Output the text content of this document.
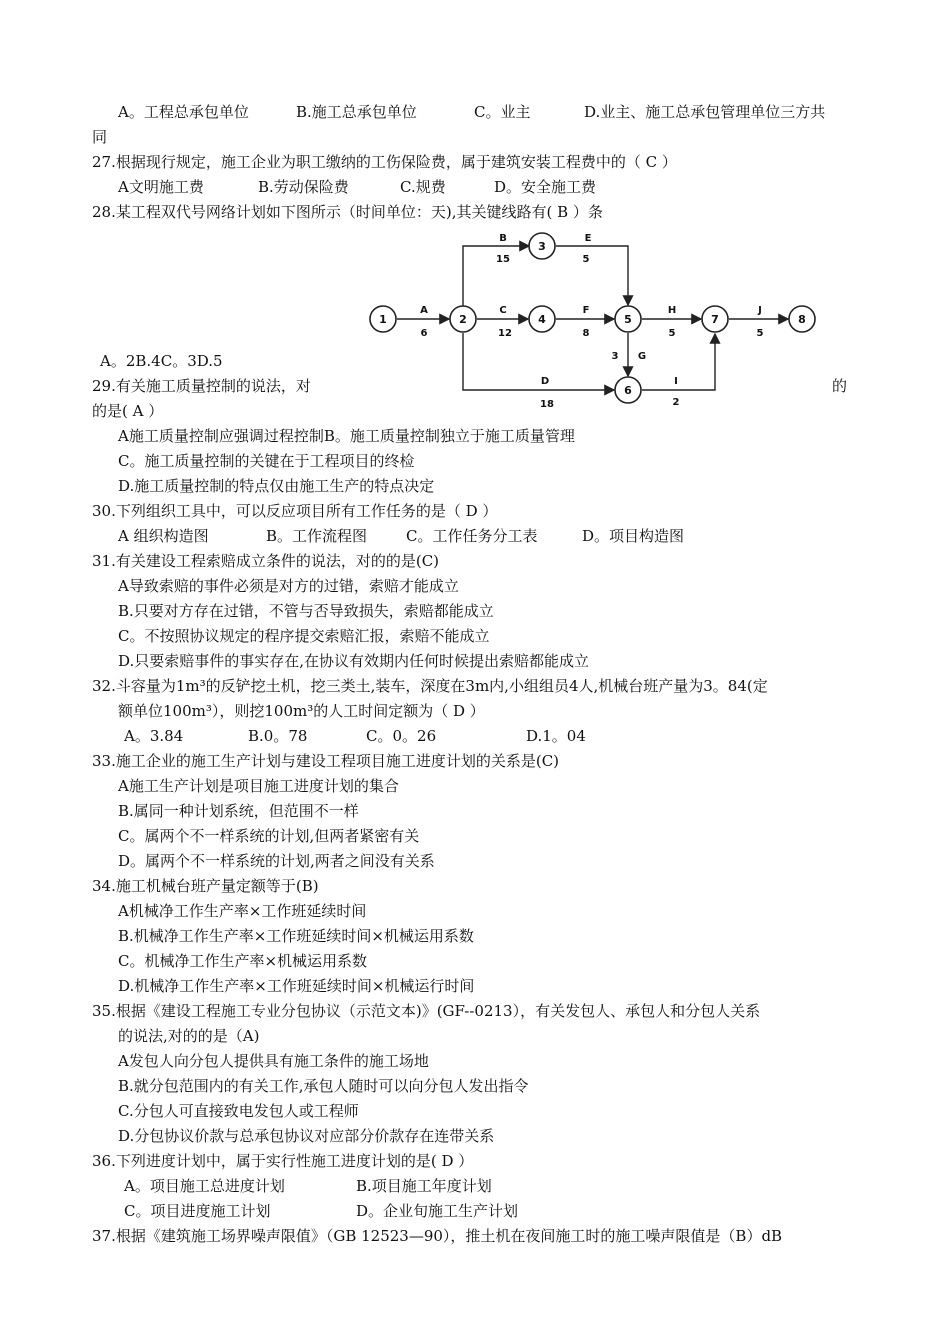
A。工程总承包单位	B.施工总承包单位	C。业主	D.业主、施工总承包管理单位三方共
同
27.根据现行规定，施工企业为职工缴纳的工伤保险费，属于建筑安装工程费中的（ C ）
A文明施工费	B.劳动保险费	C.规费	D。安全施工费
28.某工程双代号网络计划如下图所示（时间单位：天),其关键线路有( B ）条
1	2
3
4	5
6
7	8
A
6
B
15
C
12
D
18
E
5
F
8
G
3
H
5
I
2
J
5
A。2B.4C。3D.5
29.有关施工质量控制的说法，对	的
的是( A ）
A施工质量控制应强调过程控制B。施工质量控制独立于施工质量管理
C。施工质量控制的关键在于工程项目的终检
D.施工质量控制的特点仅由施工生产的特点决定
30.下列组织工具中，可以反应项目所有工作任务的是（ D ）
A 组织构造图	B。工作流程图	C。工作任务分工表	D。项目构造图
31.有关建设工程索赔成立条件的说法，对的的是(C)
A导致索赔的事件必须是对方的过错，索赔才能成立
B.只要对方存在过错，不管与否导致损失，索赔都能成立
C。不按照协议规定的程序提交索赔汇报，索赔不能成立
D.只要索赔事件的事实存在,在协议有效期内任何时候提出索赔都能成立
32.斗容量为1m³的反铲挖土机，挖三类土,装车，深度在3m内,小组组员4人,机械台班产量为3。84(定
额单位100m³），则挖100m³的人工时间定额为（ D ）
A。3.84	B.0。78	C。0。26	D.1。04
33.施工企业的施工生产计划与建设工程项目施工进度计划的关系是(C)
A施工生产计划是项目施工进度计划的集合
B.属同一种计划系统，但范围不一样
C。属两个不一样系统的计划,但两者紧密有关
D。属两个不一样系统的计划,两者之间没有关系
34.施工机械台班产量定额等于(B)
A机械净工作生产率×工作班延续时间
B.机械净工作生产率×工作班延续时间×机械运用系数
C。机械净工作生产率×机械运用系数
D.机械净工作生产率×工作班延续时间×机械运行时间
35.根据《建设工程施工专业分包协议（示范文本)》(GF--0213），有关发包人、承包人和分包人关系
的说法,对的的是（A)
A发包人向分包人提供具有施工条件的施工场地
B.就分包范围内的有关工作,承包人随时可以向分包人发出指令
C.分包人可直接致电发包人或工程师
D.分包协议价款与总承包协议对应部分价款存在连带关系
36.下列进度计划中，属于实行性施工进度计划的是( D ）
A。项目施工总进度计划	B.项目施工年度计划
C。项目进度施工计划	D。企业旬施工生产计划
37.根据《建筑施工场界噪声限值》（GB 12523—90），推土机在夜间施工时的施工噪声限值是（B）dB
